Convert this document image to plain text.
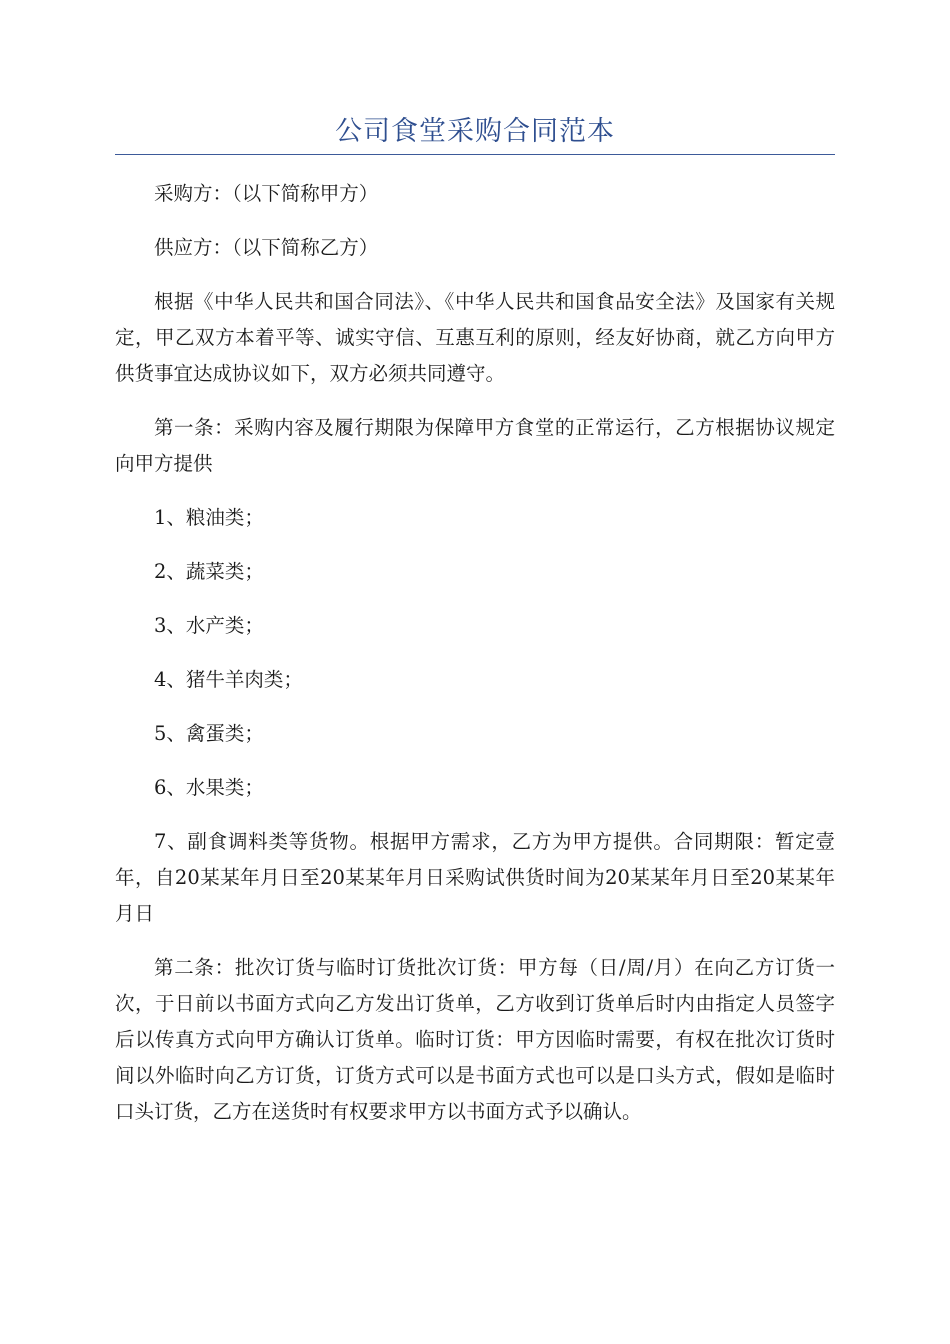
公司食堂采购合同范本

采购方：（以下简称甲方）

供应方：（以下简称乙方）

根据《中华人民共和国合同法》、《中华人民共和国食品安全法》及国家有关规定，甲乙双方本着平等、诚实守信、互惠互利的原则，经友好协商，就乙方向甲方供货事宜达成协议如下，双方必须共同遵守。

第一条：采购内容及履行期限为保障甲方食堂的正常运行，乙方根据协议规定向甲方提供

1、粮油类；

2、蔬菜类；

3、水产类；

4、猪牛羊肉类；

5、禽蛋类；

6、水果类；

7、副食调料类等货物。根据甲方需求，乙方为甲方提供。合同期限：暂定壹年，自20某某年月日至20某某年月日采购试供货时间为20某某年月日至20某某年月日

第二条：批次订货与临时订货批次订货：甲方每（日/周/月）在向乙方订货一次，于日前以书面方式向乙方发出订货单，乙方收到订货单后时内由指定人员签字后以传真方式向甲方确认订货单。临时订货：甲方因临时需要，有权在批次订货时间以外临时向乙方订货，订货方式可以是书面方式也可以是口头方式，假如是临时口头订货，乙方在送货时有权要求甲方以书面方式予以确认。
